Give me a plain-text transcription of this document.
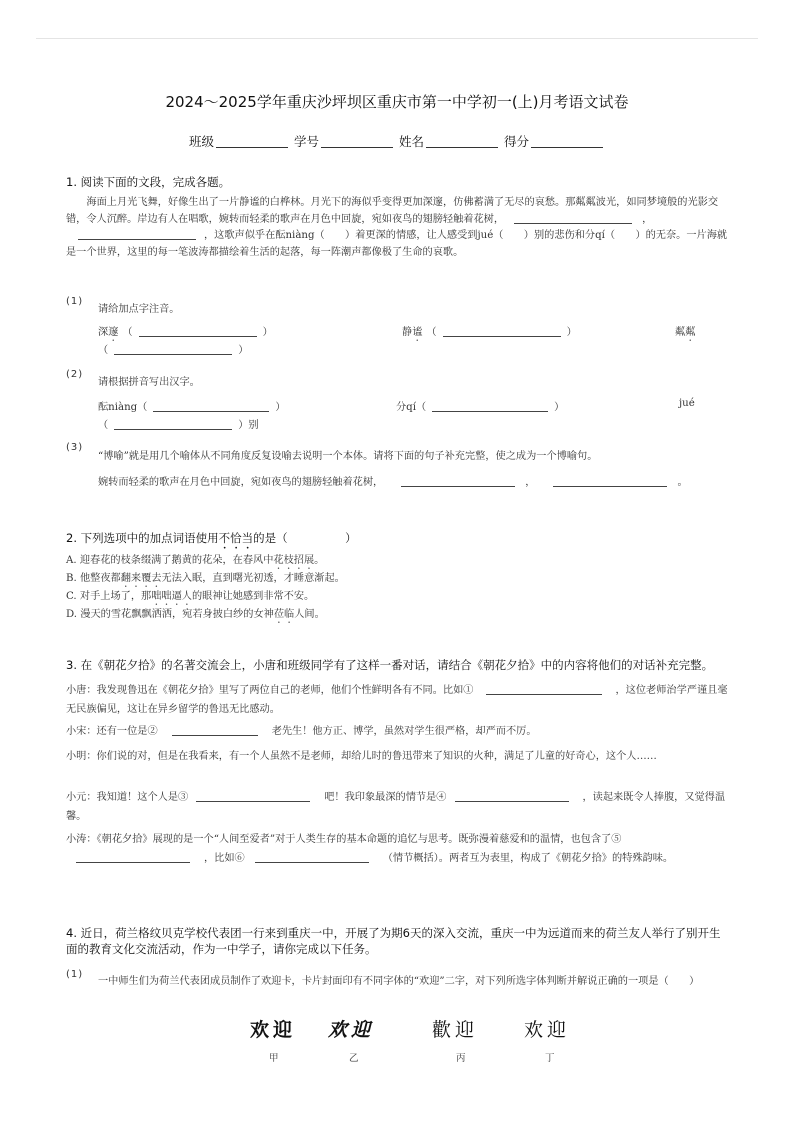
2024～2025学年重庆沙坪坝区重庆市第一中学初一(上)月考语文试卷
班级	学号	姓名	得分
1. 阅读下面的文段，完成各题。
海面上月光飞舞，好像生出了一片静谧的白桦林。月光下的海似乎变得更加深邃，仿佛蓄满了无尽的哀愁。那粼粼波光，如同梦境般的光影交错，令人沉醉。岸边有人在唱歌，婉转而轻柔的歌声在月色中回旋，宛如夜鸟的翅膀轻触着花树，	，，这歌声似乎在酝niàng（　　）着更深的情感，让人感受到jué（　　）别的悲伤和分qí（　　）的无奈。一片海就是一个世界，这里的每一笔波涛都描绘着生活的起落，每一阵潮声都像极了生命的哀歌。
(1)
请给加点字注音。
深邃 （	）	静谧 （	）	粼粼
（	）
(2)
请根据拼音写出汉字。
酝niàng（	）	分qí（	）	jué
（	）别
(3)
“博喻”就是用几个喻体从不同角度反复设喻去说明一个本体。请将下面的句子补充完整，使之成为一个博喻句。
婉转而轻柔的歌声在月色中回旋，宛如夜鸟的翅膀轻触着花树，	，	。
2. 下列选项中的加点词语使用不恰当的是（　　　　　）
A. 迎春花的枝条缀满了鹅黄的花朵，在春风中花枝招展。
B. 他整夜都翻来覆去无法入眠，直到曙光初透，才睡意渐起。
C. 对手上场了，那咄咄逼人的眼神让她感到非常不安。
D. 漫天的雪花飘飘洒洒，宛若身披白纱的女神莅临人间。
3. 在《朝花夕拾》的名著交流会上，小唐和班级同学有了这样一番对话，请结合《朝花夕拾》中的内容将他们的对话补充完整。
小唐：我发现鲁迅在《朝花夕拾》里写了两位自己的老师，他们个性鲜明各有不同。比如①	，这位老师治学严谨且毫无民族偏见，这让在异乡留学的鲁迅无比感动。
小宋：还有一位是②	老先生！他方正、博学，虽然对学生很严格，却严而不厉。
小明：你们说的对，但是在我看来，有一个人虽然不是老师，却给儿时的鲁迅带来了知识的火种，满足了儿童的好奇心，这个人……
小元：我知道！这个人是③	吧！我印象最深的情节是④	，读起来既令人捧腹，又觉得温馨。
小涛：《朝花夕拾》展现的是一个“人间至爱者”对于人类生存的基本命题的追忆与思考。既弥漫着慈爱和的温情，也包含了⑤，比如⑥	（情节概括）。两者互为表里，构成了《朝花夕拾》的特殊韵味。
4. 近日，荷兰格纹贝克学校代表团一行来到重庆一中，开展了为期6天的深入交流，重庆一中为远道而来的荷兰友人举行了别开生面的教育文化交流活动，作为一中学子，请你完成以下任务。
(1)
一中师生们为荷兰代表团成员制作了欢迎卡，卡片封面印有不同字体的“欢迎”二字，对下列所选字体判断并解说正确的一项是（　　）
欢迎 欢迎	歡迎 欢迎
甲	乙	丙	丁
